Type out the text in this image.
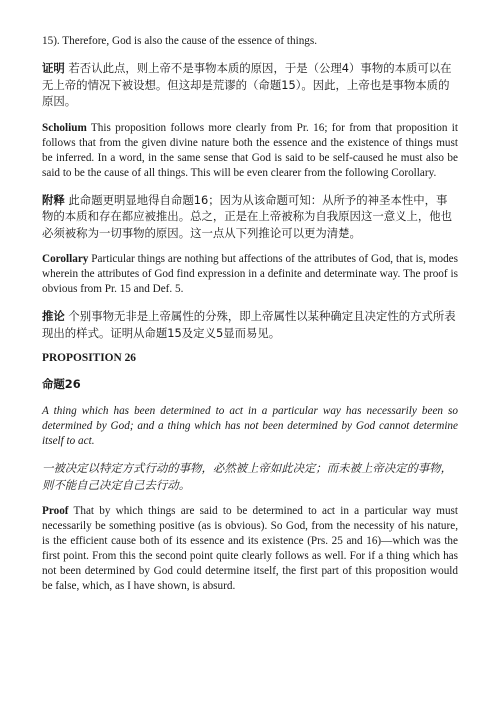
15). Therefore, God is also the cause of the essence of things.

证明 若否认此点，则上帝不是事物本质的原因，于是（公理4）事物的本质可以在无上帝的情况下被设想。但这却是荒谬的（命题15）。因此，上帝也是事物本质的原因。

Scholium This proposition follows more clearly from Pr. 16; for from that proposition it follows that from the given divine nature both the essence and the existence of things must be inferred. In a word, in the same sense that God is said to be self-caused he must also be said to be the cause of all things. This will be even clearer from the following Corollary.

附释 此命题更明显地得自命题16；因为从该命题可知：从所予的神圣本性中，事物的本质和存在都应被推出。总之，正是在上帝被称为自我原因这一意义上，他也必须被称为一切事物的原因。这一点从下列推论可以更为清楚。

Corollary Particular things are nothing but affections of the attributes of God, that is, modes wherein the attributes of God find expression in a definite and determinate way. The proof is obvious from Pr. 15 and Def. 5.

推论 个别事物无非是上帝属性的分殊，即上帝属性以某种确定且决定性的方式所表现出的样式。证明从命题15及定义5显而易见。

PROPOSITION 26
命题26

A thing which has been determined to act in a particular way has necessarily been so determined by God; and a thing which has not been determined by God cannot determine itself to act.

一被决定以特定方式行动的事物，必然被上帝如此决定；而未被上帝决定的事物，则不能自己决定自己去行动。

Proof That by which things are said to be determined to act in a particular way must necessarily be something positive (as is obvious). So God, from the necessity of his nature, is the efficient cause both of its essence and its existence (Prs. 25 and 16)—which was the first point. From this the second point quite clearly follows as well. For if a thing which has not been determined by God could determine itself, the first part of this proposition would be false, which, as I have shown, is absurd.
